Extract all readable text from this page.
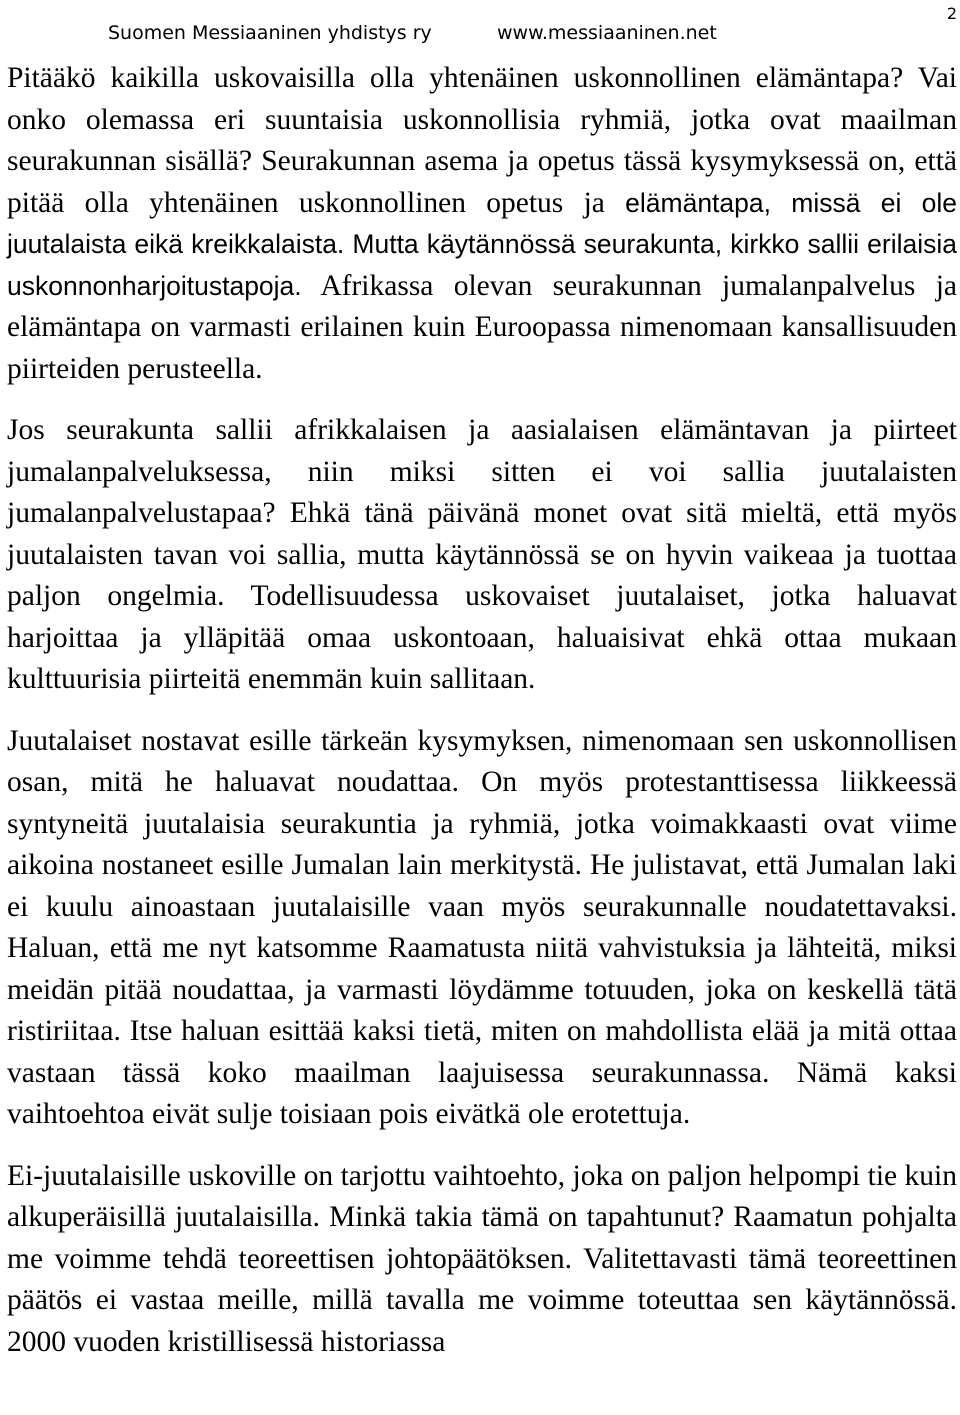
Suomen Messiaaninen yhdistys ry	www.messiaaninen.net
2

Pitääkö kaikilla uskovaisilla olla yhtenäinen uskonnollinen elämäntapa? Vai onko olemassa eri suuntaisia uskonnollisia ryhmiä, jotka ovat maailman seurakunnan sisällä? Seurakunnan asema ja opetus tässä kysymyksessä on, että pitää olla yhtenäinen uskonnollinen opetus ja elämäntapa, missä ei ole juutalaista eikä kreikkalaista. Mutta käytännössä seurakunta, kirkko sallii erilaisia uskonnonharjoitustapoja. Afrikassa olevan seurakunnan jumalanpalvelus ja elämäntapa on varmasti erilainen kuin Euroopassa nimenomaan kansallisuuden piirteiden perusteella.

Jos seurakunta sallii afrikkalaisen ja aasialaisen elämäntavan ja piirteet jumalanpalveluksessa, niin miksi sitten ei voi sallia juutalaisten jumalanpalvelustapaa? Ehkä tänä päivänä monet ovat sitä mieltä, että myös juutalaisten tavan voi sallia, mutta käytännössä se on hyvin vaikeaa ja tuottaa paljon ongelmia. Todellisuudessa uskovaiset juutalaiset, jotka haluavat harjoittaa ja ylläpitää omaa uskontoaan, haluaisivat ehkä ottaa mukaan kulttuurisia piirteitä enemmän kuin sallitaan.

Juutalaiset nostavat esille tärkeän kysymyksen, nimenomaan sen uskonnollisen osan, mitä he haluavat noudattaa. On myös protestanttisessa liikkeessä syntyneitä juutalaisia seurakuntia ja ryhmiä, jotka voimakkaasti ovat viime aikoina nostaneet esille Jumalan lain merkitystä. He julistavat, että Jumalan laki ei kuulu ainoastaan juutalaisille vaan myös seurakunnalle noudatettavaksi. Haluan, että me nyt katsomme Raamatusta niitä vahvistuksia ja lähteitä, miksi meidän pitää noudattaa, ja varmasti löydämme totuuden, joka on keskellä tätä ristiriitaa. Itse haluan esittää kaksi tietä, miten on mahdollista elää ja mitä ottaa vastaan tässä koko maailman laajuisessa seurakunnassa. Nämä kaksi vaihtoehtoa eivät sulje toisiaan pois eivätkä ole erotettuja.

Ei-juutalaisille uskoville on tarjottu vaihtoehto, joka on paljon helpompi tie kuin alkuperäisillä juutalaisilla. Minkä takia tämä on tapahtunut? Raamatun pohjalta me voimme tehdä teoreettisen johtopäätöksen. Valitettavasti tämä teoreettinen päätös ei vastaa meille, millä tavalla me voimme toteuttaa sen käytännössä. 2000 vuoden kristillisessä historiassa
